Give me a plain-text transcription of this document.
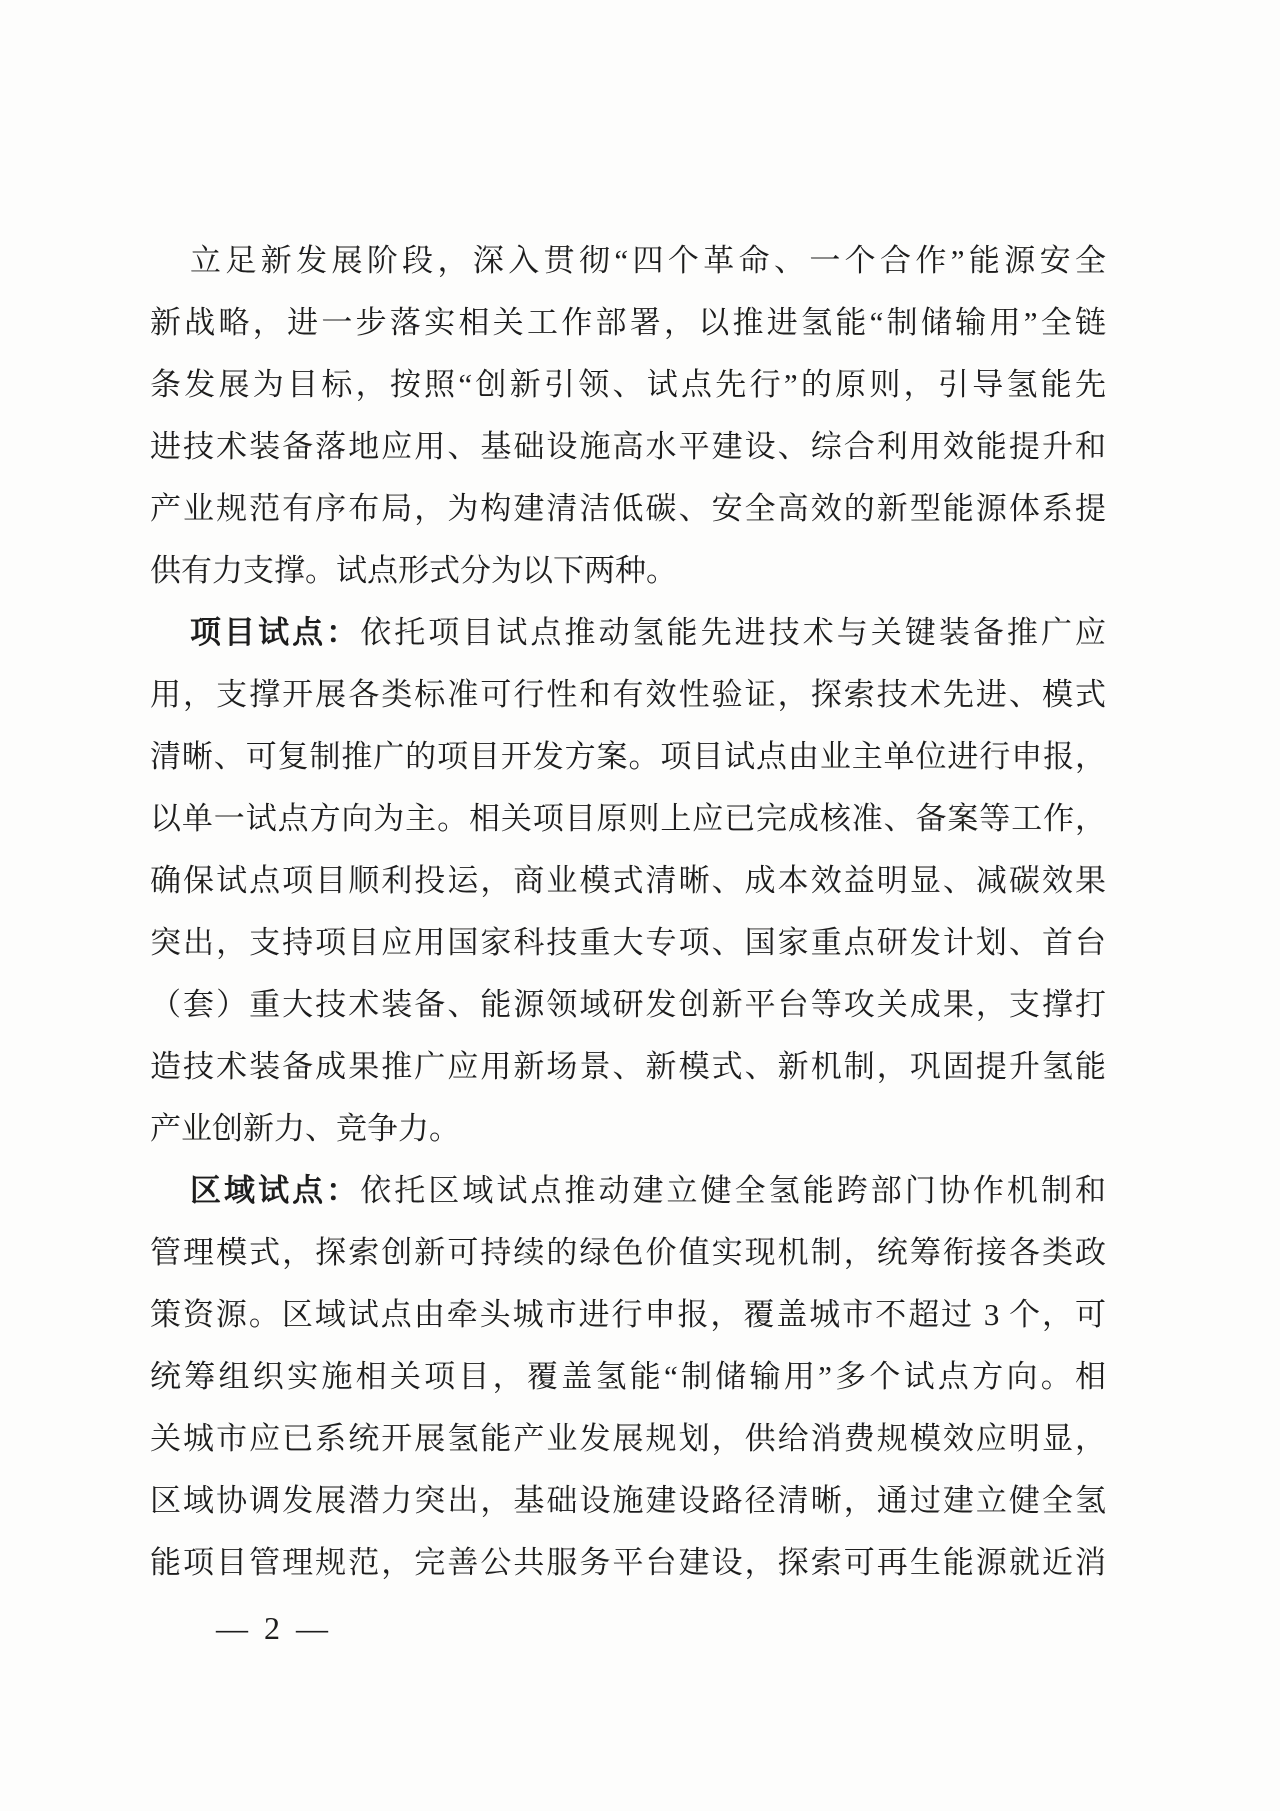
立足新发展阶段，深入贯彻“四个革命、一个合作”能源安全
新战略，进一步落实相关工作部署，以推进氢能“制储输用”全链
条发展为目标，按照“创新引领、试点先行”的原则，引导氢能先
进技术装备落地应用、基础设施高水平建设、综合利用效能提升和
产业规范有序布局，为构建清洁低碳、安全高效的新型能源体系提
供有力支撑。试点形式分为以下两种。
项目试点：依托项目试点推动氢能先进技术与关键装备推广应
用，支撑开展各类标准可行性和有效性验证，探索技术先进、模式
清晰、可复制推广的项目开发方案。项目试点由业主单位进行申报，
以单一试点方向为主。相关项目原则上应已完成核准、备案等工作，
确保试点项目顺利投运，商业模式清晰、成本效益明显、减碳效果
突出，支持项目应用国家科技重大专项、国家重点研发计划、首台
（套）重大技术装备、能源领域研发创新平台等攻关成果，支撑打
造技术装备成果推广应用新场景、新模式、新机制，巩固提升氢能
产业创新力、竞争力。
区域试点：依托区域试点推动建立健全氢能跨部门协作机制和
管理模式，探索创新可持续的绿色价值实现机制，统筹衔接各类政
策资源。区域试点由牵头城市进行申报，覆盖城市不超过 3 个，可
统筹组织实施相关项目，覆盖氢能“制储输用”多个试点方向。相
关城市应已系统开展氢能产业发展规划，供给消费规模效应明显，
区域协调发展潜力突出，基础设施建设路径清晰，通过建立健全氢
能项目管理规范，完善公共服务平台建设，探索可再生能源就近消
— 2 —
